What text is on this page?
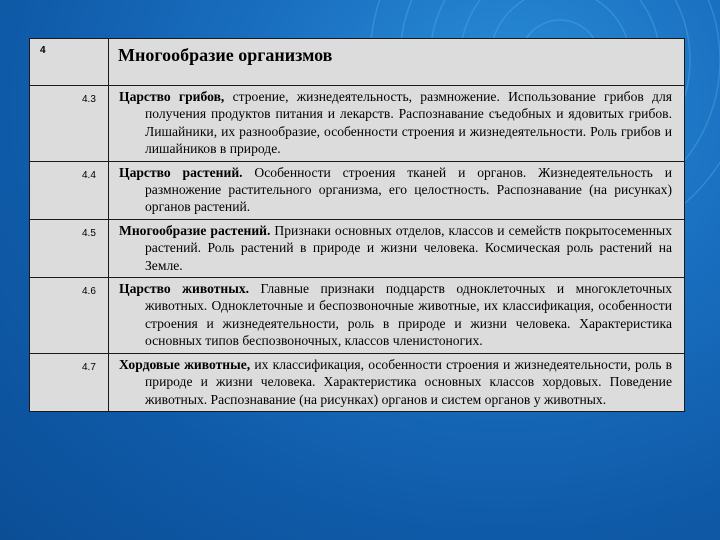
4	Многообразие организмов

4.3	Царство грибов, строение, жизнедеятельность, размножение. Использование грибов для получения продуктов питания и лекарств. Распознавание съедобных и ядовитых грибов. Лишайники, их разнообразие, особенности строения и жизнедеятельности. Роль грибов и лишайников в природе.

4.4	Царство растений. Особенности строения тканей и органов. Жизнедеятельность и размножение растительного организма, его целостность. Распознавание (на рисунках) органов растений.

4.5	Многообразие растений. Признаки основных отделов, классов и семейств покрытосеменных растений. Роль растений в природе и жизни человека. Космическая роль растений на Земле.

4.6	Царство животных. Главные признаки подцарств одноклеточных и многоклеточных животных. Одноклеточные и беспозвоночные животные, их классификация, особенности строения и жизнедеятельности, роль в природе и жизни человека. Характеристика основных типов беспозвоночных, классов членистоногих.

4.7	Хордовые животные, их классификация, особенности строения и жизнедеятельности, роль в природе и жизни человека. Характеристика основных классов хордовых. Поведение животных. Распознавание (на рисунках) органов и систем органов у животных.
